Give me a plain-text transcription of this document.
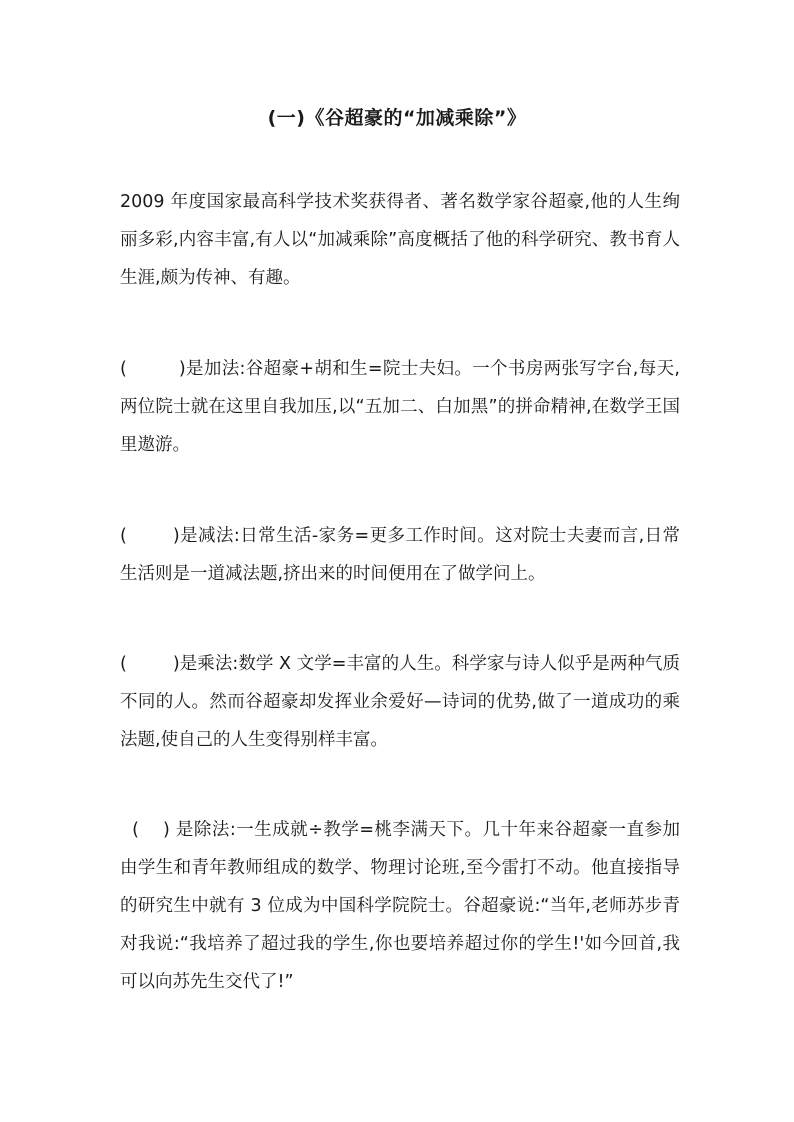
(一)《谷超豪的“加减乘除”》
2009 年度国家最高科学技术奖获得者、著名数学家谷超豪,他的人生绚丽多彩,内容丰富,有人以“加减乘除”高度概括了他的科学研究、教书育人生涯,颇为传神、有趣。
(	)是加法:谷超豪+胡和生=院士夫妇。一个书房两张写字台,每天,两位院士就在这里自我加压,以“五加二、白加黑”的拼命精神,在数学王国里遨游。
(	)是减法:日常生活-家务=更多工作时间。这对院士夫妻而言,日常生活则是一道减法题,挤出来的时间便用在了做学问上。
(	)是乘法:数学 X 文学=丰富的人生。科学家与诗人似乎是两种气质不同的人。然而谷超豪却发挥业余爱好—诗词的优势,做了一道成功的乘法题,使自己的人生变得别样丰富。
( ) 是除法:一生成就÷教学=桃李满天下。几十年来谷超豪一直参加由学生和青年教师组成的数学、物理讨论班,至今雷打不动。他直接指导的研究生中就有 3 位成为中国科学院院士。谷超豪说:“当年,老师苏步青对我说:“我培养了超过我的学生,你也要培养超过你的学生!'如今回首,我可以向苏先生交代了!”
